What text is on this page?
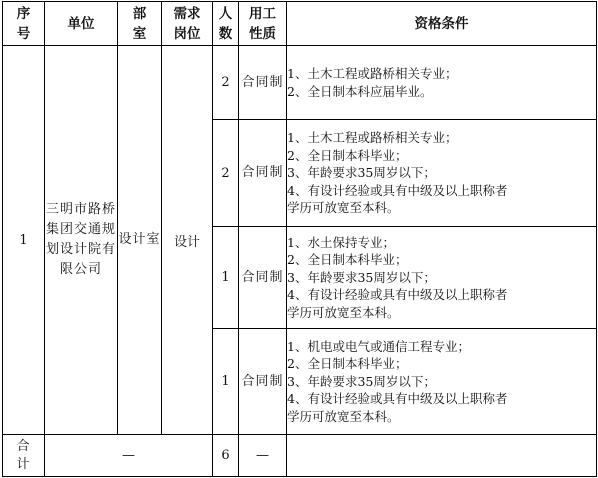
序号	单位	部室	需求岗位	人数	用工性质	资格条件
1	三明市路桥集团交通规划设计院有限公司	设计室	设计	2	合同制	1、土木工程或路桥相关专业；
2、全日制本科应届毕业。

				2	合同制	1、土木工程或路桥相关专业；
2、全日制本科毕业；
3、年龄要求35周岁以下；
4、有设计经验或具有中级及以上职称者
学历可放宽至本科。

				1	合同制	1、水土保持专业；
2、全日制本科毕业；
3、年龄要求35周岁以下；
4、有设计经验或具有中级及以上职称者
学历可放宽至本科。

				1	合同制	1、机电或电气或通信工程专业；
2、全日制本科毕业；
3、年龄要求35周岁以下；
4、有设计经验或具有中级及以上职称者
学历可放宽至本科。

合计	—			6	—	
